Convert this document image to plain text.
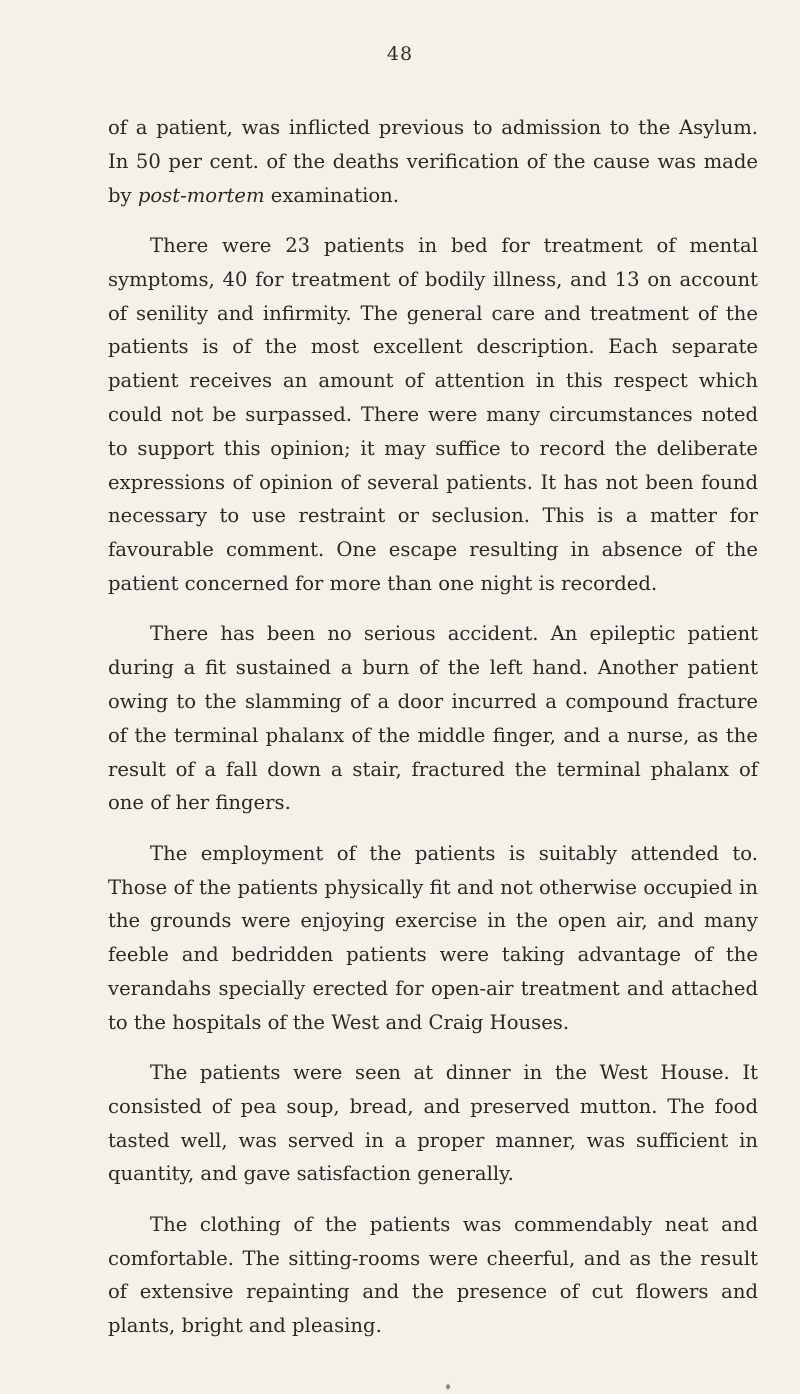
48

of a patient, was inflicted previous to admission to the Asylum. In 50 per cent. of the deaths verification of the cause was made by post-mortem examination.

There were 23 patients in bed for treatment of mental symptoms, 40 for treatment of bodily illness, and 13 on account of senility and infirmity. The general care and treatment of the patients is of the most excellent description. Each separate patient receives an amount of attention in this respect which could not be surpassed. There were many circumstances noted to support this opinion; it may suffice to record the deliberate expressions of opinion of several patients. It has not been found necessary to use restraint or seclusion. This is a matter for favourable comment. One escape resulting in absence of the patient concerned for more than one night is recorded.

There has been no serious accident. An epileptic patient during a fit sustained a burn of the left hand. Another patient owing to the slamming of a door incurred a compound fracture of the terminal phalanx of the middle finger, and a nurse, as the result of a fall down a stair, fractured the terminal phalanx of one of her fingers.

The employment of the patients is suitably attended to. Those of the patients physically fit and not otherwise occupied in the grounds were enjoying exercise in the open air, and many feeble and bedridden patients were taking advantage of the verandahs specially erected for open-air treatment and attached to the hospitals of the West and Craig Houses.

The patients were seen at dinner in the West House. It consisted of pea soup, bread, and preserved mutton. The food tasted well, was served in a proper manner, was sufficient in quantity, and gave satisfaction generally.

The clothing of the patients was commendably neat and comfortable. The sitting-rooms were cheerful, and as the result of extensive repainting and the presence of cut flowers and plants, bright and pleasing.

♦
